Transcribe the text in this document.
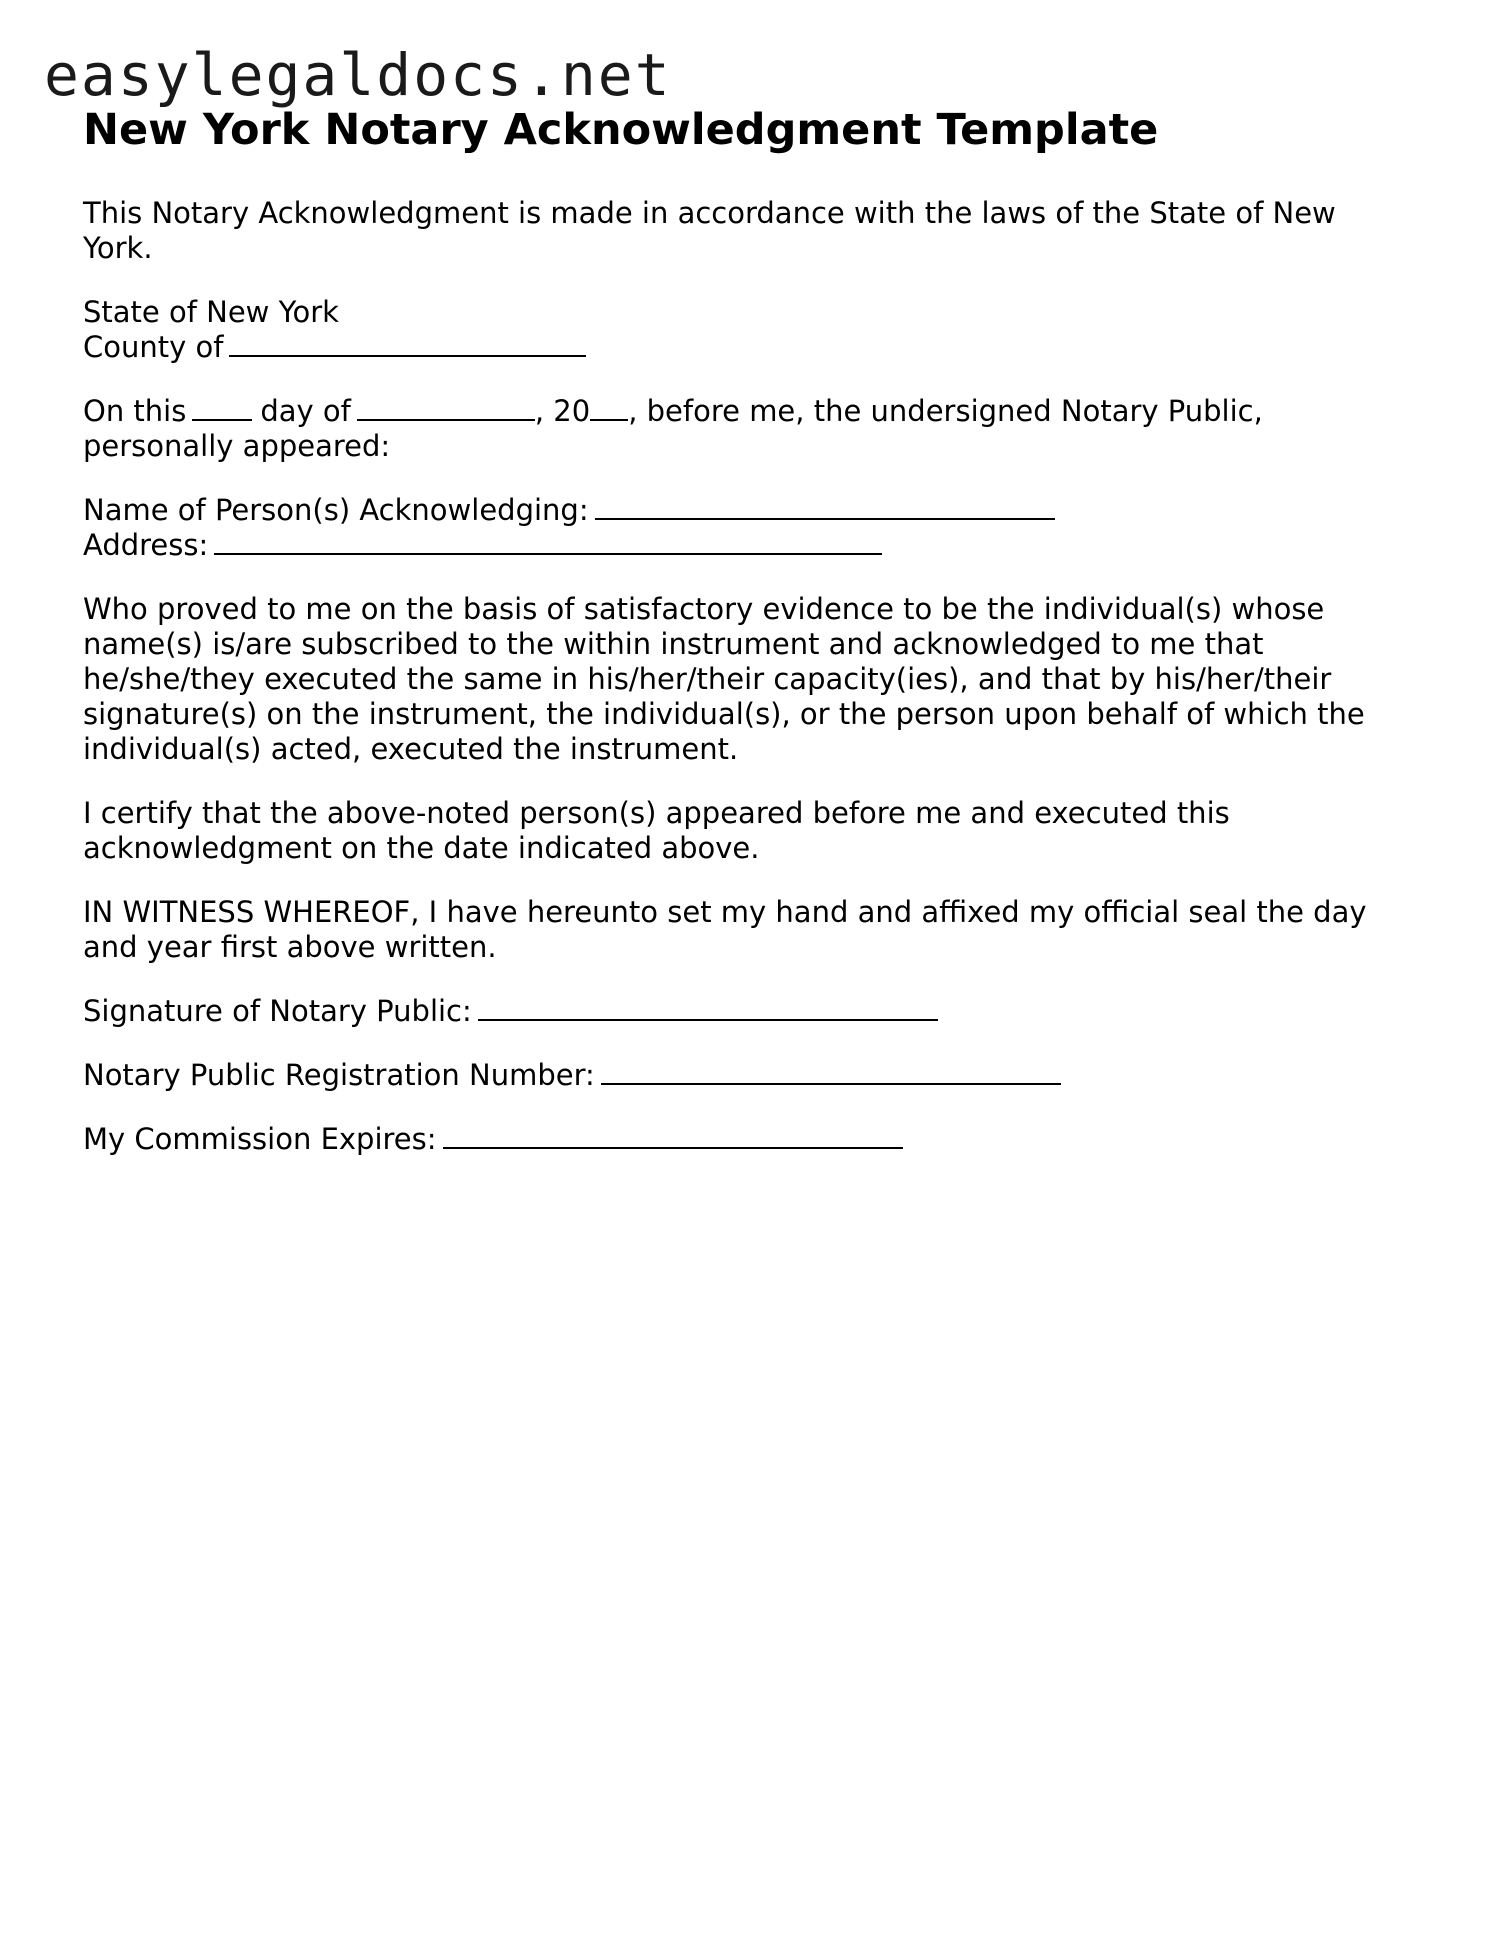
easylegaldocs.net
New York Notary Acknowledgment Template

This Notary Acknowledgment is made in accordance with the laws of the State of New York.

State of New York
County of

On this	day of	, 20 , before me, the undersigned Notary Public, personally appeared:

Name of Person(s) Acknowledging:
Address:

Who proved to me on the basis of satisfactory evidence to be the individual(s) whose name(s) is/are subscribed to the within instrument and acknowledged to me that he/she/they executed the same in his/her/their capacity(ies), and that by his/her/their signature(s) on the instrument, the individual(s), or the person upon behalf of which the individual(s) acted, executed the instrument.

I certify that the above-noted person(s) appeared before me and executed this acknowledgment on the date indicated above.

IN WITNESS WHEREOF, I have hereunto set my hand and affixed my official seal the day and year first above written.

Signature of Notary Public:

Notary Public Registration Number:

My Commission Expires:
